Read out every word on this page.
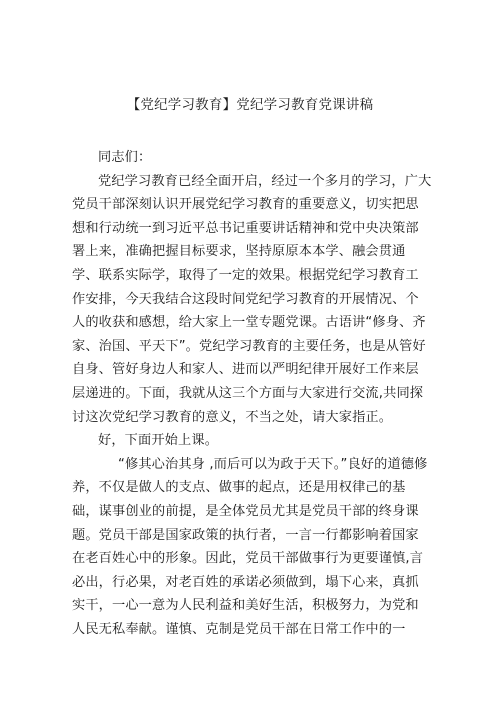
【党纪学习教育】党纪学习教育党课讲稿

同志们：

党纪学习教育已经全面开启，经过一个多月的学习，广大党员干部深刻认识开展党纪学习教育的重要意义，切实把思想和行动统一到习近平总书记重要讲话精神和党中央决策部署上来，准确把握目标要求，坚持原原本本学、融会贯通学、联系实际学，取得了一定的效果。根据党纪学习教育工作安排，今天我结合这段时间党纪学习教育的开展情况、个人的收获和感想，给大家上一堂专题党课。古语讲“修身、齐家、治国、平天下”。党纪学习教育的主要任务，也是从管好自身、管好身边人和家人、进而以严明纪律开展好工作来层层递进的。下面，我就从这三个方面与大家进行交流,共同探讨这次党纪学习教育的意义，不当之处，请大家指正。

好，下面开始上课。

“修其心治其身 ,而后可以为政于天下。”良好的道德修养，不仅是做人的支点、做事的起点，还是用权律己的基础，谋事创业的前提，是全体党员尤其是党员干部的终身课题。党员干部是国家政策的执行者，一言一行都影响着国家在老百姓心中的形象。因此，党员干部做事行为更要谨慎,言必出，行必果，对老百姓的承诺必须做到，塌下心来，真抓实干，一心一意为人民利益和美好生活，积极努力，为党和人民无私奉献。谨慎、克制是党员干部在日常工作中的一
